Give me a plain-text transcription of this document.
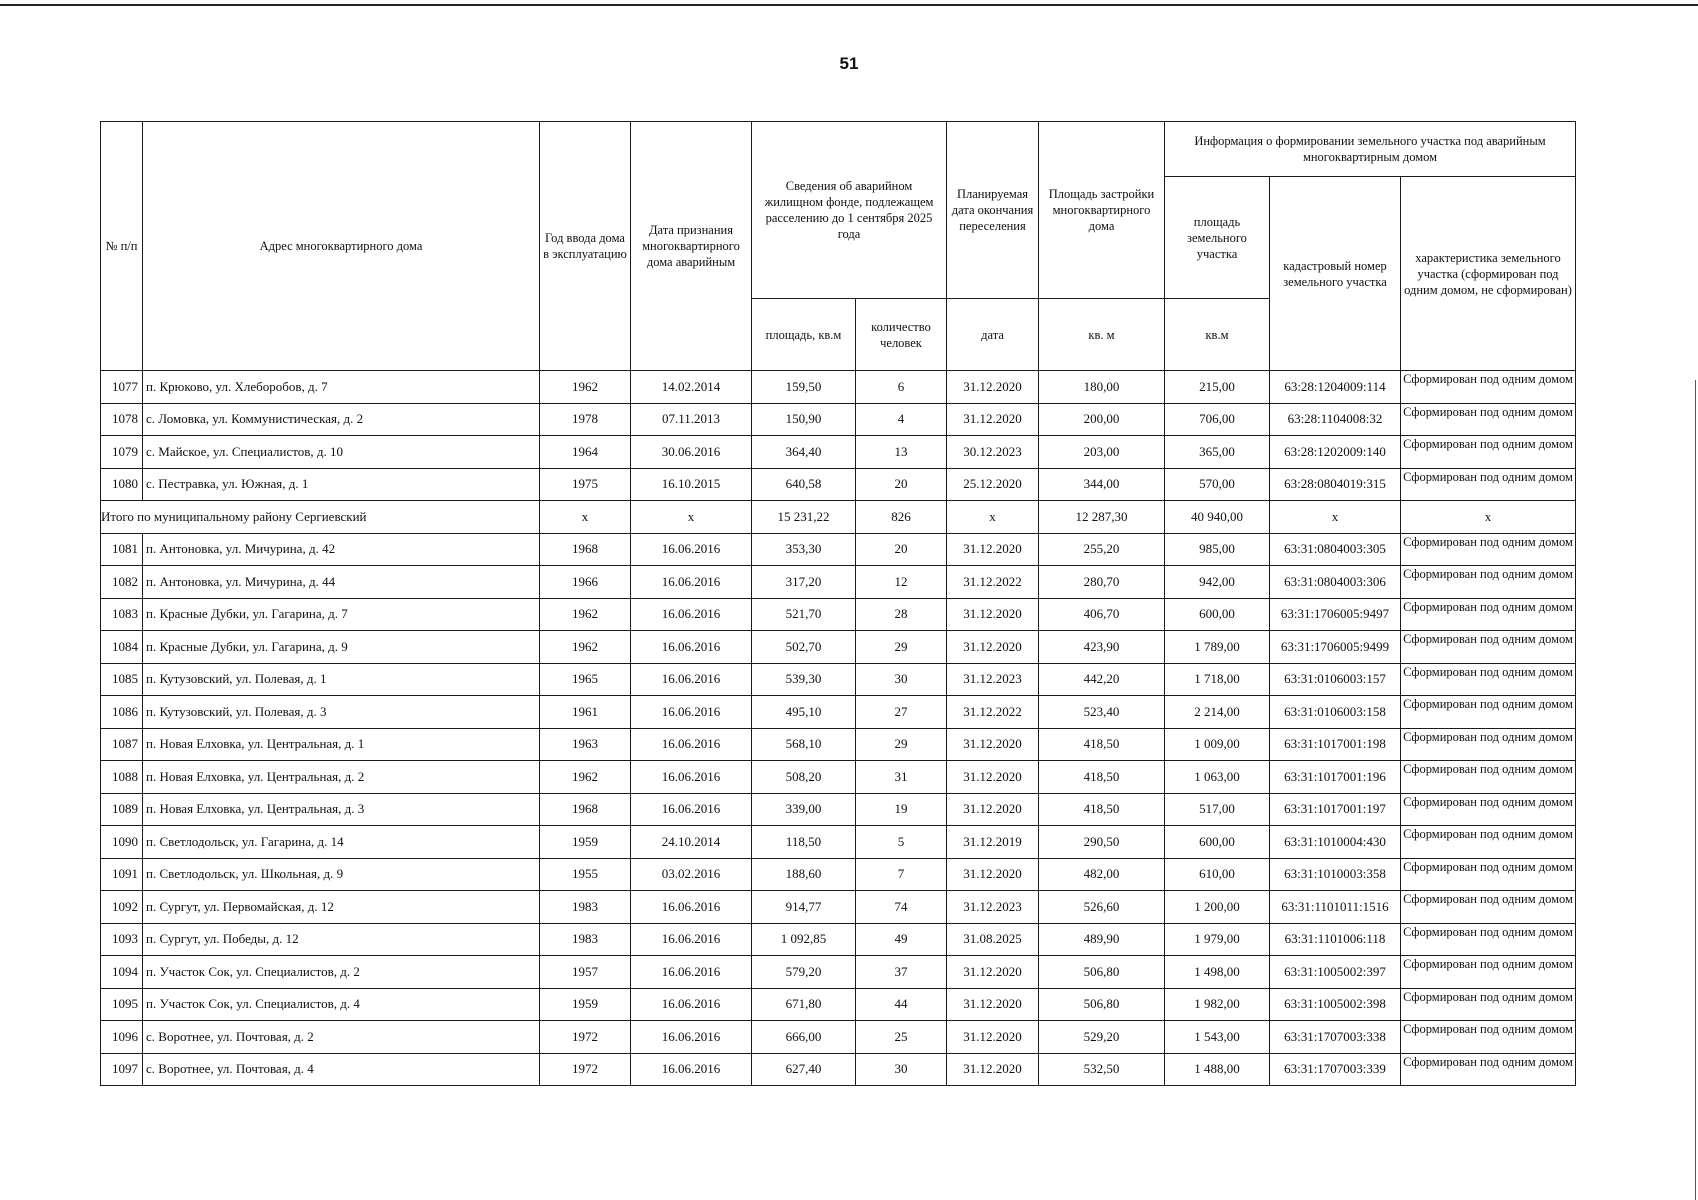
51
№ п/п	Адрес многоквартирного дома	Год ввода дома в эксплуатацию	Дата признания многоквартирного дома аварийным	Сведения об аварийном жилищном фонде, подлежащем расселению до 1 сентября 2025 года		Планируемая дата окончания переселения	Площадь застройки многоквартирного дома	Информация о формировании земельного участка под аварийным многоквартирным домом		
								площадь земельного участка	кадастровый номер земельного участка	характеристика земельного участка (сформирован под одним домом, не сформирован)
				площадь, кв.м	количество человек	дата	кв. м	кв.м		
1077	п. Крюково, ул. Хлеборобов, д. 7	1962	14.02.2014	159,50	6	31.12.2020	180,00	215,00	63:28:1204009:114	Сформирован под одним домом
1078	с. Ломовка, ул. Коммунистическая, д. 2	1978	07.11.2013	150,90	4	31.12.2020	200,00	706,00	63:28:1104008:32	Сформирован под одним домом
1079	с. Майское, ул. Специалистов, д. 10	1964	30.06.2016	364,40	13	30.12.2023	203,00	365,00	63:28:1202009:140	Сформирован под одним домом
1080	с. Пестравка, ул. Южная, д. 1	1975	16.10.2015	640,58	20	25.12.2020	344,00	570,00	63:28:0804019:315	Сформирован под одним домом
Итого по муниципальному району Сергиевский		x	x	15 231,22	826	x	12 287,30	40 940,00	x	x
1081	п. Антоновка, ул. Мичурина, д. 42	1968	16.06.2016	353,30	20	31.12.2020	255,20	985,00	63:31:0804003:305	Сформирован под одним домом
1082	п. Антоновка, ул. Мичурина, д. 44	1966	16.06.2016	317,20	12	31.12.2022	280,70	942,00	63:31:0804003:306	Сформирован под одним домом
1083	п. Красные Дубки, ул. Гагарина, д. 7	1962	16.06.2016	521,70	28	31.12.2020	406,70	600,00	63:31:1706005:9497	Сформирован под одним домом
1084	п. Красные Дубки, ул. Гагарина, д. 9	1962	16.06.2016	502,70	29	31.12.2020	423,90	1 789,00	63:31:1706005:9499	Сформирован под одним домом
1085	п. Кутузовский, ул. Полевая, д. 1	1965	16.06.2016	539,30	30	31.12.2023	442,20	1 718,00	63:31:0106003:157	Сформирован под одним домом
1086	п. Кутузовский, ул. Полевая, д. 3	1961	16.06.2016	495,10	27	31.12.2022	523,40	2 214,00	63:31:0106003:158	Сформирован под одним домом
1087	п. Новая Елховка, ул. Центральная, д. 1	1963	16.06.2016	568,10	29	31.12.2020	418,50	1 009,00	63:31:1017001:198	Сформирован под одним домом
1088	п. Новая Елховка, ул. Центральная, д. 2	1962	16.06.2016	508,20	31	31.12.2020	418,50	1 063,00	63:31:1017001:196	Сформирован под одним домом
1089	п. Новая Елховка, ул. Центральная, д. 3	1968	16.06.2016	339,00	19	31.12.2020	418,50	517,00	63:31:1017001:197	Сформирован под одним домом
1090	п. Светлодольск, ул. Гагарина, д. 14	1959	24.10.2014	118,50	5	31.12.2019	290,50	600,00	63:31:1010004:430	Сформирован под одним домом
1091	п. Светлодольск, ул. Школьная, д. 9	1955	03.02.2016	188,60	7	31.12.2020	482,00	610,00	63:31:1010003:358	Сформирован под одним домом
1092	п. Сургут, ул. Первомайская, д. 12	1983	16.06.2016	914,77	74	31.12.2023	526,60	1 200,00	63:31:1101011:1516	Сформирован под одним домом
1093	п. Сургут, ул. Победы, д. 12	1983	16.06.2016	1 092,85	49	31.08.2025	489,90	1 979,00	63:31:1101006:118	Сформирован под одним домом
1094	п. Участок Сок, ул. Специалистов, д. 2	1957	16.06.2016	579,20	37	31.12.2020	506,80	1 498,00	63:31:1005002:397	Сформирован под одним домом
1095	п. Участок Сок, ул. Специалистов, д. 4	1959	16.06.2016	671,80	44	31.12.2020	506,80	1 982,00	63:31:1005002:398	Сформирован под одним домом
1096	с. Воротнее, ул. Почтовая, д. 2	1972	16.06.2016	666,00	25	31.12.2020	529,20	1 543,00	63:31:1707003:338	Сформирован под одним домом
1097	с. Воротнее, ул. Почтовая, д. 4	1972	16.06.2016	627,40	30	31.12.2020	532,50	1 488,00	63:31:1707003:339	Сформирован под одним домом
